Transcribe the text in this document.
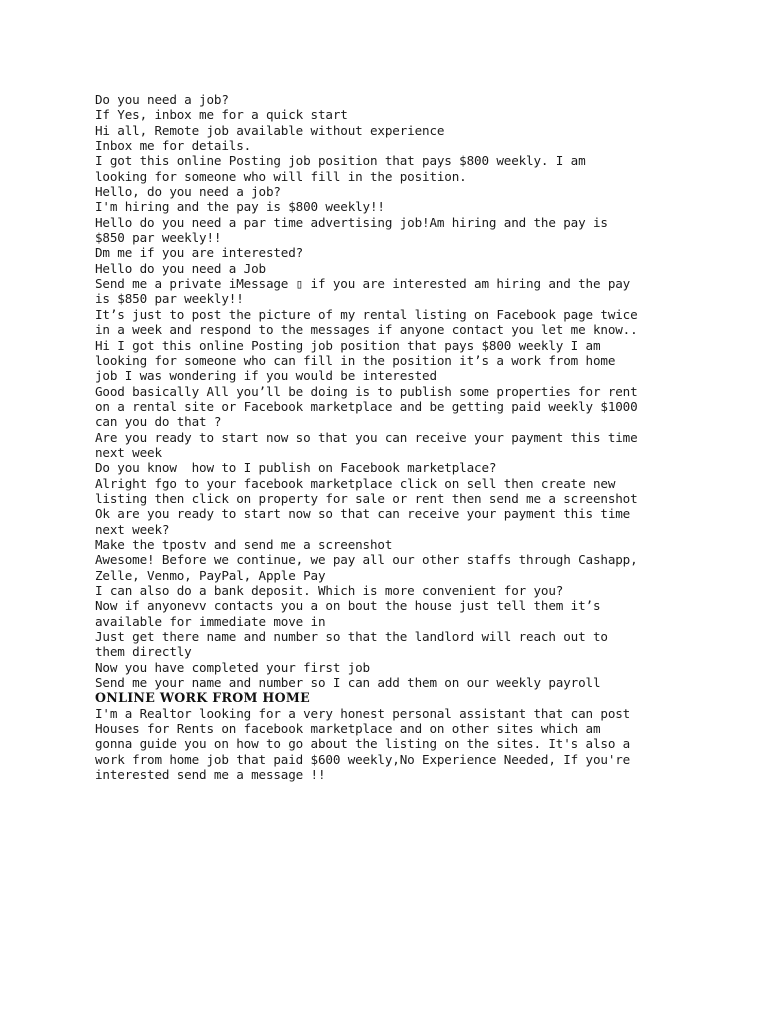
Do you need a job?
If Yes, inbox me for a quick start
Hi all, Remote job available without experience
Inbox me for details.
I got this online Posting job position that pays $800 weekly. I am
looking for someone who will fill in the position.
Hello, do you need a job?
I'm hiring and the pay is $800 weekly!!
Hello do you need a par time advertising job!Am hiring and the pay is
$850 par weekly!!
Dm me if you are interested?
Hello do you need a Job
Send me a private iMessage ▯ if you are interested am hiring and the pay
is $850 par weekly!!
It’s just to post the picture of my rental listing on Facebook page twice
in a week and respond to the messages if anyone contact you let me know..
Hi I got this online Posting job position that pays $800 weekly I am
looking for someone who can fill in the position it’s a work from home
job I was wondering if you would be interested
Good basically All you’ll be doing is to publish some properties for rent
on a rental site or Facebook marketplace and be getting paid weekly $1000
can you do that ?
Are you ready to start now so that you can receive your payment this time
next week
Do you know  how to I publish on Facebook marketplace?
Alright fgo to your facebook marketplace click on sell then create new
listing then click on property for sale or rent then send me a screenshot
Ok are you ready to start now so that can receive your payment this time
next week?
Make the tpostv and send me a screenshot
Awesome! Before we continue, we pay all our other staffs through Cashapp,
Zelle, Venmo, PayPal, Apple Pay
I can also do a bank deposit. Which is more convenient for you?
Now if anyonevv contacts you a on bout the house just tell them it’s
available for immediate move in
Just get there name and number so that the landlord will reach out to
them directly
Now you have completed your first job
Send me your name and number so I can add them on our weekly payroll
ONLINE WORK FROM HOME
I'm a Realtor looking for a very honest personal assistant that can post
Houses for Rents on facebook marketplace and on other sites which am
gonna guide you on how to go about the listing on the sites. It's also a
work from home job that paid $600 weekly,No Experience Needed, If you're
interested send me a message !!
